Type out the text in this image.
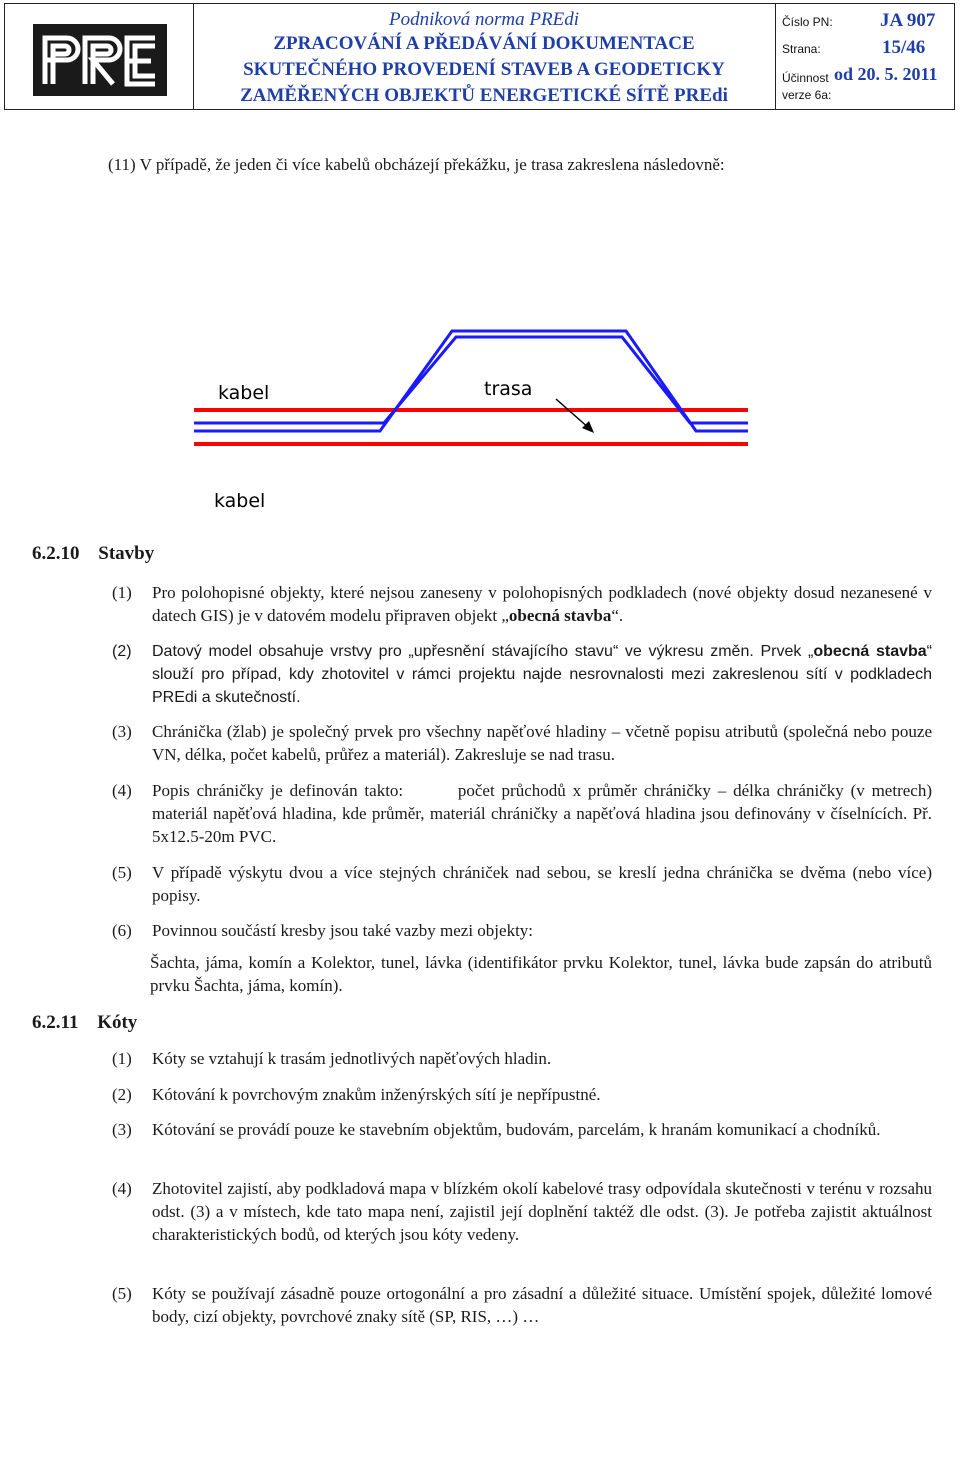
Podniková norma PREdi
ZPRACOVÁNÍ A PŘEDÁVÁNÍ DOKUMENTACE
SKUTEČNÉHO PROVEDENÍ STAVEB A GEODETICKY
ZAMĚŘENÝCH OBJEKTŮ ENERGETICKÉ SÍTĚ PREdi
Číslo PN: JA 907
Strana:	15/46
Účinnost od 20. 5. 2011
verze 6a:
(11) V případě, že jeden či více kabelů obcházejí překážku, je trasa zakreslena následovně:
kabel	trasa
kabel
6.2.10 Stavby
(1) Pro polohopisné objekty, které nejsou zaneseny v polohopisných podkladech (nové objekty dosud nezanesené v datech GIS) je v datovém modelu připraven objekt „obecná stavba“.
(2) Datový model obsahuje vrstvy pro „upřesnění stávajícího stavu“ ve výkresu změn. Prvek „obecná stavba“ slouží pro případ, kdy zhotovitel v rámci projektu najde nesrovnalosti mezi zakreslenou sítí v podkladech PREdi a skutečností.
(3) Chránička (žlab) je společný prvek pro všechny napěťové hladiny – včetně popisu atributů (společná nebo pouze VN, délka, počet kabelů, průřez a materiál). Zakresluje se nad trasu.
(4) Popis chráničky je definován takto:        počet průchodů x průměr chráničky – délka chráničky (v metrech) materiál napěťová hladina, kde průměr, materiál chráničky a napěťová hladina jsou definovány v číselnících. Př. 5x12.5-20m PVC.
(5) V případě výskytu dvou a více stejných chrániček nad sebou, se kreslí jedna chránička se dvěma (nebo více) popisy.
(6) Povinnou součástí kresby jsou také vazby mezi objekty:
Šachta, jáma, komín a Kolektor, tunel, lávka (identifikátor prvku Kolektor, tunel, lávka bude zapsán do atributů prvku Šachta, jáma, komín).
6.2.11 Kóty
(1) Kóty se vztahují k trasám jednotlivých napěťových hladin.
(2) Kótování k povrchovým znakům inženýrských sítí je nepřípustné.
(3) Kótování se provádí pouze ke stavebním objektům, budovám, parcelám, k hranám komunikací a chodníků.
(4) Zhotovitel zajistí, aby podkladová mapa v blízkém okolí kabelové trasy odpovídala skutečnosti v terénu v rozsahu odst. (3) a v místech, kde tato mapa není, zajistil její doplnění taktéž dle odst. (3). Je potřeba zajistit aktuálnost charakteristických bodů, od kterých jsou kóty vedeny.
(5) Kóty se používají zásadně pouze ortogonální a pro zásadní a důležité situace. Umístění spojek, důležité lomové body, cizí objekty, povrchové znaky sítě (SP, RIS, …) …
